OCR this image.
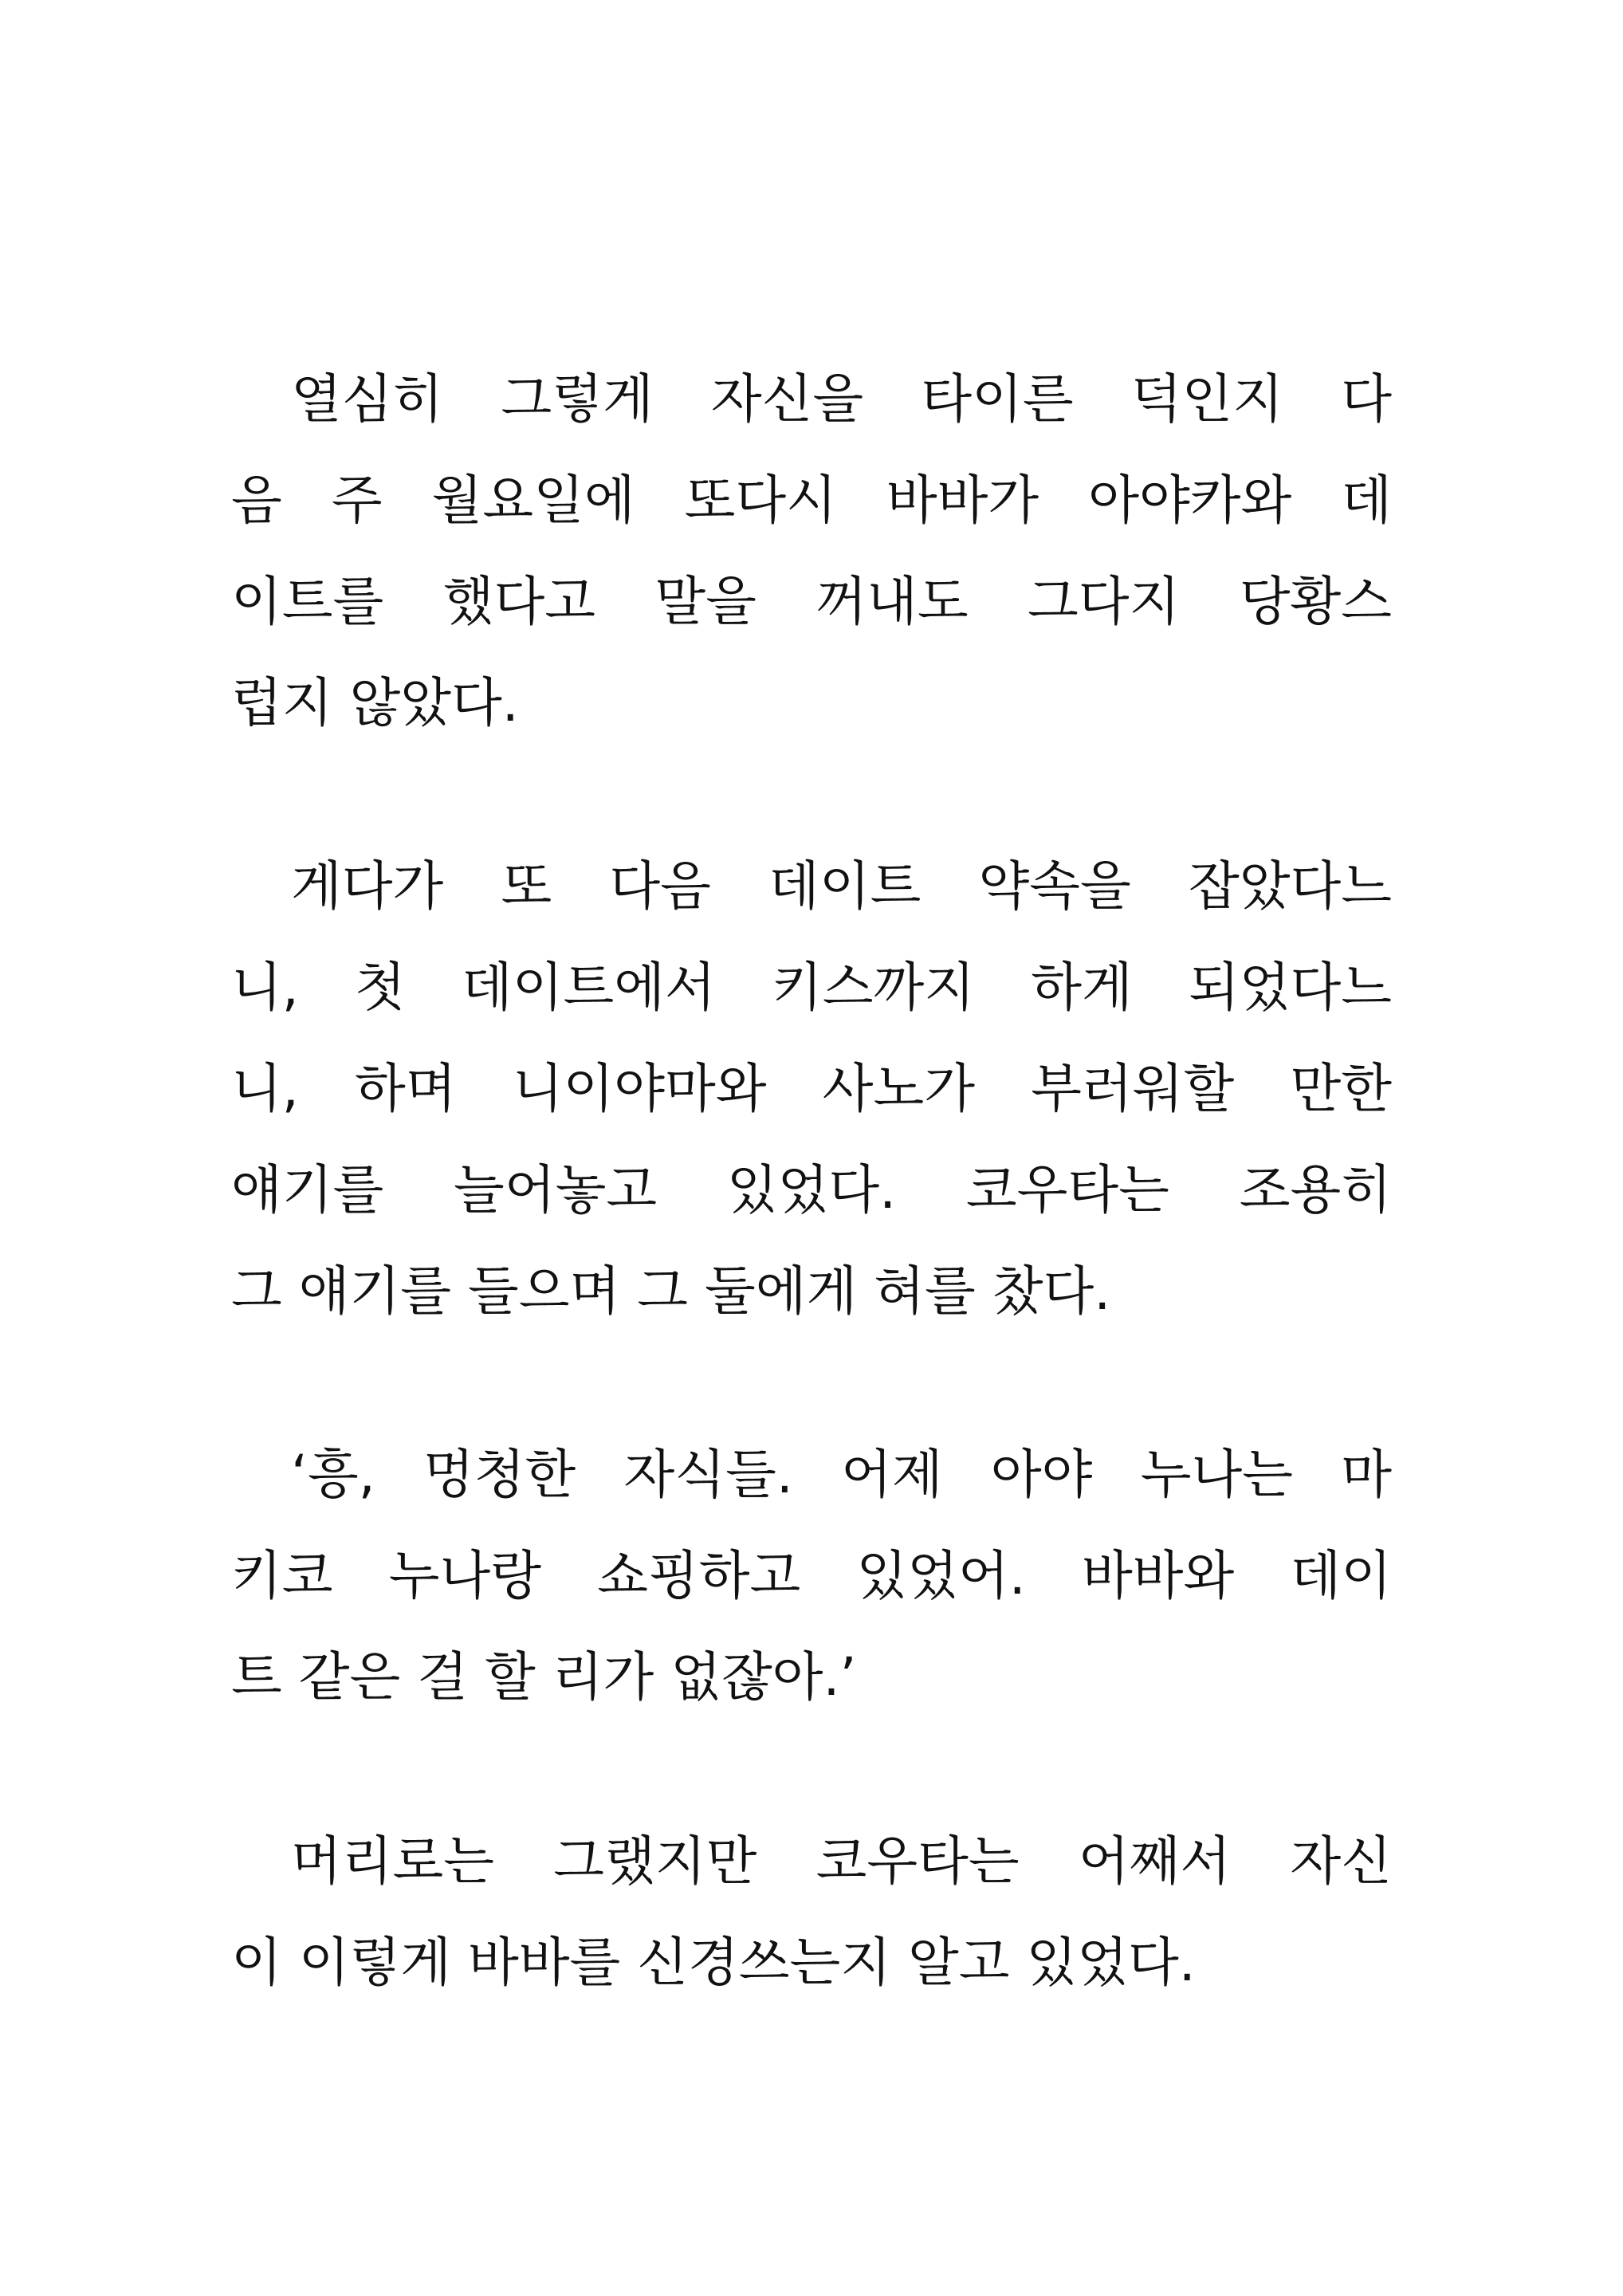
열심히 그렇게 자신을 타이른 덕인지 다
음 주 월요일에 또다시 바바가 아야카와 데
이트를 했다고 말을 꺼내도 그다지 당황스
럽지 않았다.
게다가 또 다음 데이트 약속을 잡았다느
니, 첫 데이트에서 키스까지 하게 되었다느
니, 하며 니이야마와 사노가 부러워할 만한
얘기를 늘어놓고 있었다. 코우타는 조용히
그 얘기를 들으며 그 둘에게 혀를 찼다.
‘흥, 멍청한 자식들. 어제 아야 누나는 마
키코 누나랑 쇼핑하고 있었어. 바바와 데이
트 같은 걸 할 리가 없잖아.’
머리로는 그랬지만 코우타는 어째서 자신
이 이렇게 바바를 신경쓰는지 알고 있었다.
